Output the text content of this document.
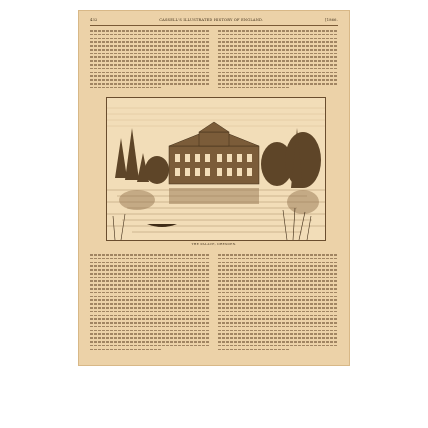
432	CASSELL'S ILLUSTRATED HISTORY OF ENGLAND.	[1866.
THE PALACE, DRESDEN.
